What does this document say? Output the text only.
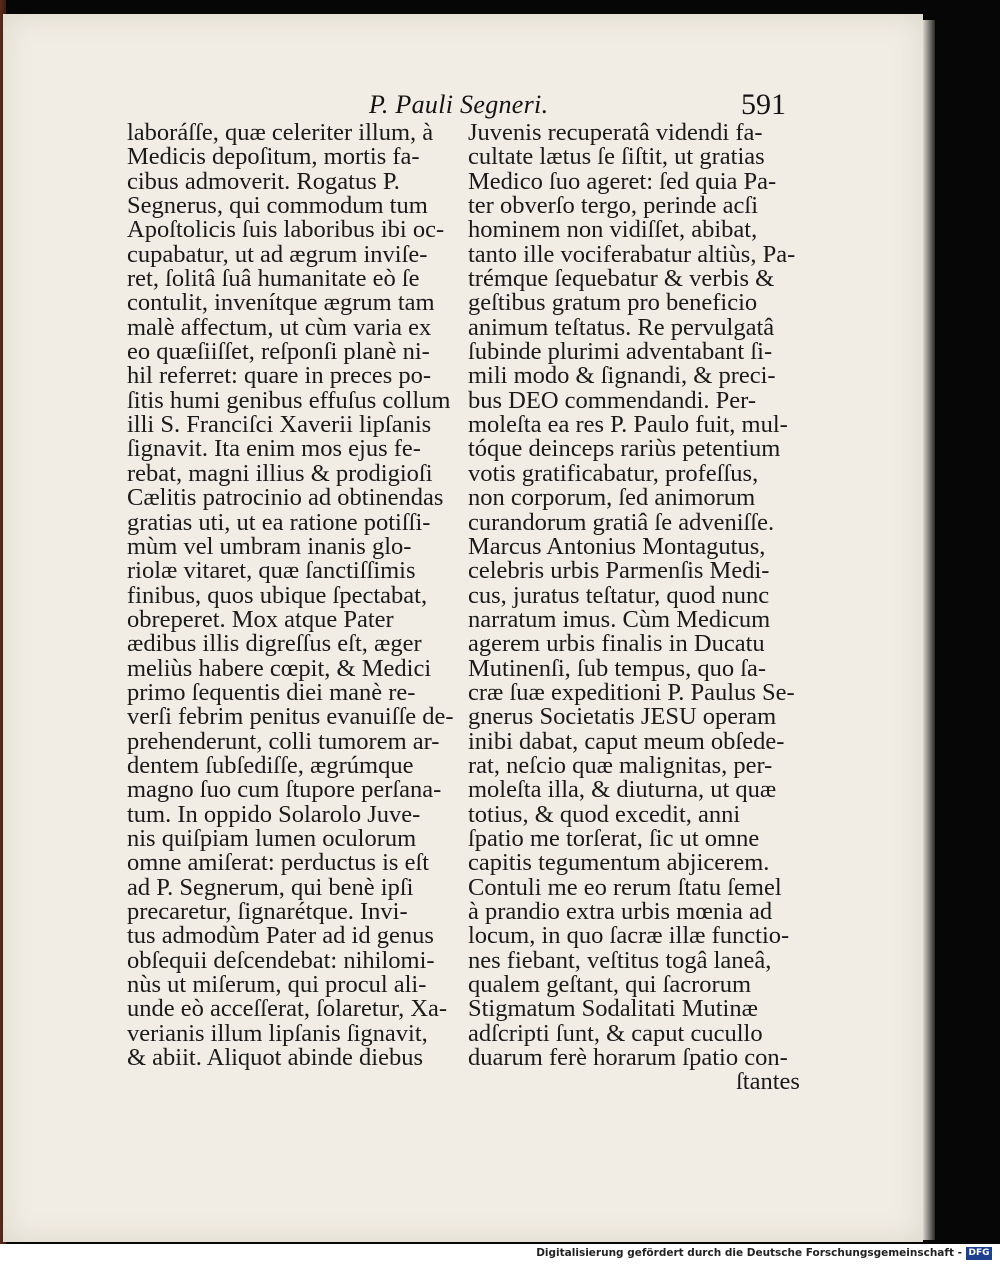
P. Pauli Segneri.	591
laboráſſe, quæ celeriter illum, à
Medicis depoſitum, mortis fa-
cibus admoverit. Rogatus P.
Segnerus, qui commodum tum
Apoſtolicis ſuis laboribus ibi oc-
cupabatur, ut ad ægrum inviſe-
ret, ſolitâ ſuâ humanitate eò ſe
contulit, invenítque ægrum tam
malè affectum, ut cùm varia ex
eo quæſiiſſet, reſponſi planè ni-
hil referret: quare in preces po-
ſitis humi genibus effuſus collum
illi S. Franciſci Xaverii lipſanis
ſignavit. Ita enim mos ejus fe-
rebat, magni illius & prodigioſi
Cælitis patrocinio ad obtinendas
gratias uti, ut ea ratione potiſſi-
mùm vel umbram inanis glo-
riolæ vitaret, quæ ſanctiſſimis
finibus, quos ubique ſpectabat,
obreperet. Mox atque Pater
ædibus illis digreſſus eſt, æger
meliùs habere cœpit, & Medici
primo ſequentis diei manè re-
verſi febrim penitus evanuiſſe de-
prehenderunt, colli tumorem ar-
dentem ſubſediſſe, ægrúmque
magno ſuo cum ſtupore perſana-
tum. In oppido Solarolo Juve-
nis quiſpiam lumen oculorum
omne amiſerat: perductus is eſt
ad P. Segnerum, qui benè ipſi
precaretur, ſignarétque. Invi-
tus admodùm Pater ad id genus
obſequii deſcendebat: nihilomi-
nùs ut miſerum, qui procul ali-
unde eò acceſſerat, ſolaretur, Xa-
verianis illum lipſanis ſignavit,
& abiit. Aliquot abinde diebus
Juvenis recuperatâ videndi fa-
cultate lætus ſe ſiſtit, ut gratias
Medico ſuo ageret: ſed quia Pa-
ter obverſo tergo, perinde acſi
hominem non vidiſſet, abibat,
tanto ille vociferabatur altiùs, Pa-
trémque ſequebatur & verbis &
geſtibus gratum pro beneficio
animum teſtatus. Re pervulgatâ
ſubinde plurimi adventabant ſi-
mili modo & ſignandi, & preci-
bus DEO commendandi. Per-
moleſta ea res P. Paulo fuit, mul-
tóque deinceps rariùs petentium
votis gratificabatur, profeſſus,
non corporum, ſed animorum
curandorum gratiâ ſe adveniſſe.
Marcus Antonius Montagutus,
celebris urbis Parmenſis Medi-
cus, juratus teſtatur, quod nunc
narratum imus. Cùm Medicum
agerem urbis finalis in Ducatu
Mutinenſi, ſub tempus, quo ſa-
cræ ſuæ expeditioni P. Paulus Se-
gnerus Societatis JESU operam
inibi dabat, caput meum obſede-
rat, neſcio quæ malignitas, per-
moleſta illa, & diuturna, ut quæ
totius, & quod excedit, anni
ſpatio me torſerat, ſic ut omne
capitis tegumentum abjicerem.
Contuli me eo rerum ſtatu ſemel
à prandio extra urbis mœnia ad
locum, in quo ſacræ illæ functio-
nes fiebant, veſtitus togâ laneâ,
qualem geſtant, qui ſacrorum
Stigmatum Sodalitati Mutinæ
adſcripti ſunt, & caput cucullo
duarum ferè horarum ſpatio con-
ſtantes
Digitalisierung gefördert durch die Deutsche Forschungsgemeinschaft - DFG
